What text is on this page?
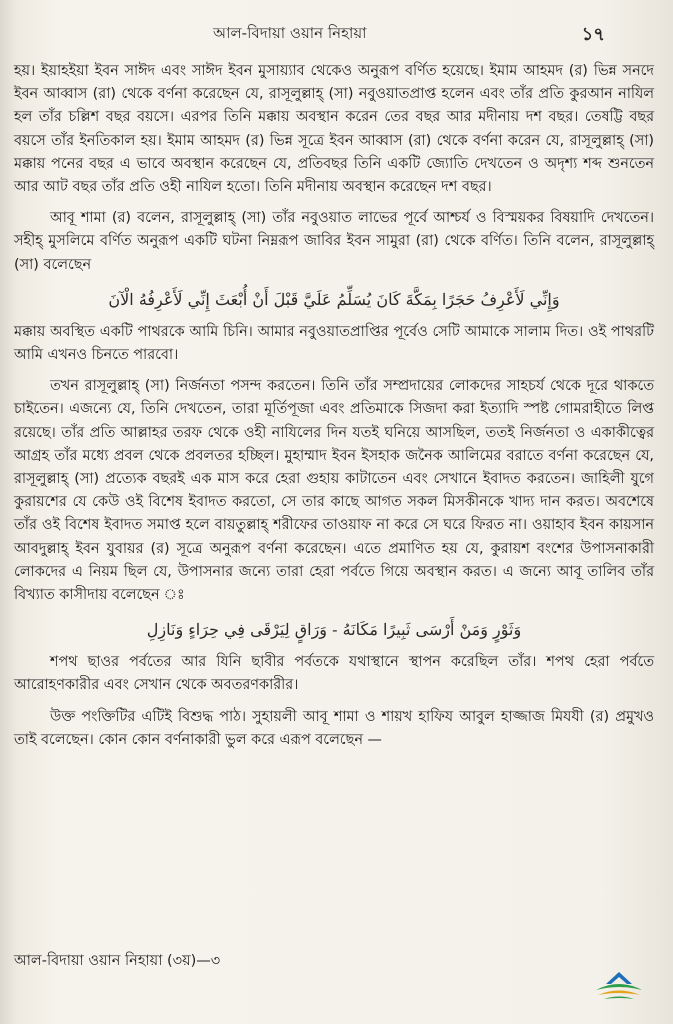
আল-বিদায়া ওয়ান নিহায়া	১৭

হয়। ইয়াহইয়া ইবন সাঈদ এবং সাঈদ ইবন মুসায়্যাব থেকেও অনুরূপ বর্ণিত হয়েছে। ইমাম আহমদ (র) ভিন্ন সনদে ইবন আব্বাস (রা) থেকে বর্ণনা করেছেন যে, রাসূলুল্লাহ্ (সা) নবুওয়াতপ্রাপ্ত হলেন এবং তাঁর প্রতি কুরআন নাযিল হল তাঁর চল্লিশ বছর বয়সে। এরপর তিনি মক্কায় অবস্থান করেন তের বছর আর মদীনায় দশ বছর। তেষট্টি বছর বয়সে তাঁর ইনতিকাল হয়। ইমাম আহমদ (র) ভিন্ন সূত্রে ইবন আব্বাস (রা) থেকে বর্ণনা করেন যে, রাসূলুল্লাহ্ (সা) মক্কায় পনের বছর এ ভাবে অবস্থান করেছেন যে, প্রতিবছর তিনি একটি জ্যোতি দেখতেন ও অদৃশ্য শব্দ শুনতেন আর আট বছর তাঁর প্রতি ওহী নাযিল হতো। তিনি মদীনায় অবস্থান করেছেন দশ বছর।

আবূ শামা (র) বলেন, রাসূলুল্লাহ্ (সা) তাঁর নবুওয়াত লাভের পূর্বে আশ্চর্য ও বিস্ময়কর বিষয়াদি দেখতেন। সহীহ্ মুসলিমে বর্ণিত অনুরূপ একটি ঘটনা নিম্নরূপ জাবির ইবন সামুরা (রা) থেকে বর্ণিত। তিনি বলেন, রাসূলুল্লাহ্ (সা) বলেছেন

وَإِنِّي لَأَعْرِفُ حَجَرًا بِمَكَّةَ كَانَ يُسَلِّمُ عَلَيَّ قَبْلَ أَنْ أُبْعَثَ إِنِّي لَأَعْرِفُهُ الْآنَ

মক্কায় অবস্থিত একটি পাথরকে আমি চিনি। আমার নবুওয়াতপ্রাপ্তির পূর্বেও সেটি আমাকে সালাম দিত। ওই পাথরটি আমি এখনও চিনতে পারবো।

তখন রাসূলুল্লাহ্ (সা) নির্জনতা পসন্দ করতেন। তিনি তাঁর সম্প্রদায়ের লোকদের সাহচর্য থেকে দূরে থাকতে চাইতেন। এজন্যে যে, তিনি দেখতেন, তারা মূর্তিপূজা এবং প্রতিমাকে সিজদা করা ইত্যাদি স্পষ্ট গোমরাহীতে লিপ্ত রয়েছে। তাঁর প্রতি আল্লাহর তরফ থেকে ওহী নাযিলের দিন যতই ঘনিয়ে আসছিল, ততই নির্জনতা ও একাকীত্বের আগ্রহ তাঁর মধ্যে প্রবল থেকে প্রবলতর হচ্ছিল। মুহাম্মাদ ইবন ইসহাক জনৈক আলিমের বরাতে বর্ণনা করেছেন যে, রাসূলুল্লাহ্ (সা) প্রত্যেক বছরই এক মাস করে হেরা গুহায় কাটাতেন এবং সেখানে ইবাদত করতেন। জাহিলী যুগে কুরায়শের যে কেউ ওই বিশেষ ইবাদত করতো, সে তার কাছে আগত সকল মিসকীনকে খাদ্য দান করত। অবশেষে তাঁর ওই বিশেষ ইবাদত সমাপ্ত হলে বায়তুল্লাহ্ শরীফের তাওয়াফ না করে সে ঘরে ফিরত না। ওয়াহাব ইবন কায়সান আবদুল্লাহ্ ইবন যুবায়র (র) সূত্রে অনুরূপ বর্ণনা করেছেন। এতে প্রমাণিত হয় যে, কুরায়শ বংশের উপাসনাকারী লোকদের এ নিয়ম ছিল যে, উপাসনার জন্যে তারা হেরা পর্বতে গিয়ে অবস্থান করত। এ জন্যে আবূ তালিব তাঁর বিখ্যাত কাসীদায় বলেছেন ঃ

وَثَوْرٍ وَمَنْ أَرْسَى ثَبِيرًا مَكَانَهُ - وَرَاقٍ لِيَرْقَى فِي حِرَاءٍ وَنَازِلِ

শপথ ছাওর পর্বতের আর যিনি ছাবীর পর্বতকে যথাস্থানে স্থাপন করেছিল তাঁর। শপথ হেরা পর্বতে আরোহণকারীর এবং সেখান থেকে অবতরণকারীর।

উক্ত পংক্তিটির এটিই বিশুদ্ধ পাঠ। সুহায়লী আবূ শামা ও শায়খ হাফিয আবুল হাজ্জাজ মিযযী (র) প্রমুখও তাই বলেছেন। কোন কোন বর্ণনাকারী ভুল করে এরূপ বলেছেন —

আল-বিদায়া ওয়ান নিহায়া (৩য়)—৩
